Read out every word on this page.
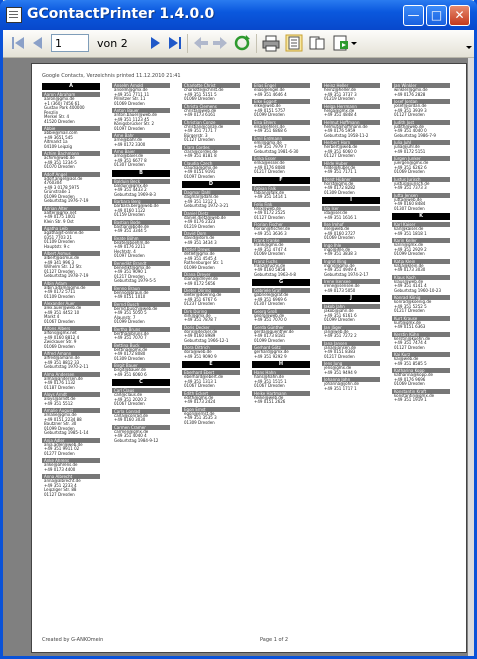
GContactPrinter 1.4.0.0	— □	✕
1	von 2
Google Contacts, Verzeichnis printed 11.12.2010 21:41
A
Aaron Abraham
aaron@gmx.de
+1 (360) 7456 61
Gustav Park 400000
Penzlin
Merkel Str. 4
41520 Dresden
Abbie
abbie@mail.com
+49 3651 545
Altmarkt 1a
04109 Leipzig
Achim Bachmann
achim@web.de
+49 351 1234-5
01070 Dresden
Adolf Angel
adolf.angel@aol.de
4760304
+49 3 0178 5975
Grünstraße 1
01099 Dresden
Geburtstag 1976-7-19
Adrian Alter
aalter@gmx.net
+49 0175 1001
Klein Str. 9 Ost
Agatha Leib
agatha@t-online.de
0351 7703 21
01109 Dresden
Hauptstr. 9 c
Albert Asmus
albert@asmus.de
+49 341 996 3
Wilhelm Str. 12 Str.
01127 Dresden
Geburtstag 1978-7-19
Albin Adam
albin.adam@gmx.de
+49 0172 5711
01109 Dresden
Alexander Auer
alex.auer@web.de
+49 351 4452 10
Markt 4
01067 Dresden
Alfons Albers
alfons@gmx.net
+49 0160 8812 4
Zwickauer Str. 9
01069 Dresden
Alfred Amann
alfred@amann.de
+49 351 8812 33
Geburtstag 1970-2-11
Alma Andersen
alma@andersen.de
+49 0176 1132
01187 Dresden
Aloys Arndt
aloys@arndt.de
+49 351 5512
Amalie August
amalie@gmx.de
+49 0151 2234 88
Bautzner Str. 30
01099 Dresden
Geburtstag 1985-1-14
Anja Adler
anja.adler@web.de
+49 351 9911 02
01277 Dresden
Anke Ahrens
anke@ahrens.de
+49 0173 4400
Anna Albrecht
anna@albrecht.de
+49 351 2233 4
Leipziger Str. 88
01127 Dresden
Anselm Arnold
anselm@gmx.de
+49 351 7711 11
Pillnitzer Str. 11
01069 Dresden
Anton Bauer
anton.bauer@web.de
+49 351 1123 45
Königsbrücker Str. 2
01097 Dresden
Arne Bahr
arne@bahr.de
+49 0172 3300
Arno Baier
arno@baier.de
+49 351 6677 8
01307 Dresden
B
Balduin Beck
balduin@gmx.de
+49 351 4433 2
Geburtstag 1969-8-3
Barbara Berg
barbara.berg@web.de
+49 0160 1122
01159 Dresden
Bastian Bode
bastian@bode.de
+49 351 3344 5
Beate Böhm
beate@boehm.de
+49 0176 2211
Hechtstr. 4
01097 Dresden
Benedikt Brandt
benedikt@gmx.de
+49 351 9090 1
01217 Dresden
Geburtstag 1979-5-5
Benno Braun
benno@braun.de
+49 0151 1010
Bernd Busch
bernd.busch@web.de
+49 351 5050 5
Alaunstr. 7
01099 Dresden
Bertha Bruns
bertha@bruns.de
+49 351 7070 7
Bettina Buck
bettina@gmx.de
+49 0172 8080
01309 Dresden
Birgit Bauer
birgit@bauer.de
+49 351 6060 6
C
Carl Claus
carl@claus.de
+49 351 2020 2
01067 Dresden
Carla Conrad
carla@conrad.de
+49 0160 3030
Carmen Cramer
carmen@gmx.de
+49 351 4040 4
Geburtstag 1984-9-12
Charlotte Christ
charlotte@christ.de
+49 351 5151 5
01069 Dresden
Christa Clemens
christa@web.de
+49 0173 6161
Christian Conze
christian@conze.de
+49 351 7171 7
Bürgerstr. 3
01127 Dresden
Clara Cordes
clara@cordes.de
+49 351 8181 8
Claudia Czech
claudia@gmx.de
+49 0151 9191
01097 Dresden
D
Dagmar Dahl
dagmar@dahl.de
+49 351 1212 1
Geburtstag 1972-3-21
Daniel Dietz
daniel.dietz@web.de
+49 0176 2323
01219 Dresden
David Dorn
david@dorn.de
+49 351 3434 3
Detlef Drews
detlef@gmx.de
+49 351 4545 4
Rothenburger Str. 1
01099 Dresden
Diana Dreyer
diana@dreyer.de
+49 0172 5656
Dieter Döring
dieter@doering.de
+49 351 6767 6
01237 Dresden
Dirk Düring
dirk@gmx.de
+49 351 7878 7
Doris Decker
doris@decker.de
+49 0160 8989
Geburtstag 1966-12-1
Dora Dittrich
dora@web.de
+49 351 9090 9
E
Eberhard Ebert
eberhard@ebert.de
+49 351 1313 1
01067 Dresden
Edith Eckert
edith@gmx.de
+49 0173 2424
Egon Ernst
egon@ernst.de
+49 351 3535 3
01309 Dresden
Elias Engel
elias@engel.de
+49 351 4646 4
Elke Eggert
elke@web.de
+49 0151 5757
01099 Dresden
Elsa Ehlers
elsa@ehlers.de
+49 351 6868 6
Emil Erdmann
emil@gmx.de
+49 351 7979 7
Geburtstag 1981-6-30
Erika Esser
erika@esser.de
+49 0176 8080
01217 Dresden
F
Fabian Falk
fabian@falk.de
+49 351 1414 1
Felix Fink
felix@web.de
+49 0172 2525
01127 Dresden
Florian Fischer
florian@fischer.de
+49 351 3636 3
Frank Franke
frank@gmx.de
+49 351 4747 4
01069 Dresden
Franz Fuchs
franz@fuchs.de
+49 0160 5858
Geburtstag 1963-4-8
G
Gabriele Graf
gabriele@graf.de
+49 351 6969 6
01307 Dresden
Georg Groß
georg@web.de
+49 351 7070 0
Gerda Günther
gerda@guenther.de
+49 0173 8181
01099 Dresden
Gerhard Götz
gerhard@gmx.de
+49 351 9292 9
H
Hans Hahn
hans@hahn.de
+49 351 1515 1
01067 Dresden
Heike Hartmann
heike@web.de
+49 0151 2626
Heinz Heller
heinz@heller.de
+49 351 3737 3
01219 Dresden
Helga Herrmann
helga@gmx.de
+49 351 4848 4
Helmut Hoffmann
helmut@hoffmann.de
+49 0176 5959
Geburtstag 1958-11-2
Herbert Horn
herbert@web.de
+49 351 6060 0
01127 Dresden
Hilde Huber
hilde@huber.de
+49 351 7171 1
Horst Hübner
horst@gmx.de
+49 0172 8282
01309 Dresden
I
Ida Iser
ida@iser.de
+49 351 1616 1
Ilse Imhof
ilse@web.de
+49 0160 2727
01069 Dresden
Ingo Ihle
ingo@ihle.de
+49 351 3838 3
Ingrid Illing
ingrid@gmx.de
+49 351 4949 4
Geburtstag 1974-2-17
Irene Isensee
irene@isensee.de
+49 0173 5050
J
Jakob Jahn
jakob@jahn.de
+49 351 6161 6
01099 Dresden
Jan Jäger
jan@web.de
+49 351 7272 2
Jana Jansen
jana@jansen.de
+49 0151 8383
01217 Dresden
Jens Jung
jens@gmx.de
+49 351 9494 9
Johanna John
johanna@john.de
+49 351 1717 1
Jan Winkler
winkler@gmx.de
+49 0176 2828
Josef Jordan
josef@jordan.de
+49 351 3939 3
01127 Dresden
Judith Jost
judith@web.de
+49 351 4040 0
Geburtstag 1986-7-9
Julia Juhl
julia@juhl.de
+49 0172 5151
Jürgen Junker
juergen@gmx.de
+49 351 6262 6
01069 Dresden
Justus Jurisch
justus@jurisch.de
+49 351 7373 3
Jutta Jensen
jutta@web.de
+49 0160 8484
01307 Dresden
K
Karl Kaiser
karl@kaiser.de
+49 351 1818 1
Karin Keller
karin@gmx.de
+49 351 2929 2
01099 Dresden
Katja Klein
katja@klein.de
+49 0173 3030
Klaus Koch
klaus@web.de
+49 351 4141 4
Geburtstag 1960-10-23
Konrad König
konrad@koenig.de
+49 351 5252 5
01217 Dresden
Kurt Krause
kurt@gmx.de
+49 0151 6363
Kerstin Kühn
kerstin@kuehn.de
+49 351 7474 4
01127 Dresden
Kai Kurz
kai@web.de
+49 351 8585 5
Katharina Kopp
katharina@kopp.de
+49 0176 9696
01069 Dresden
Konstantin Kraft
konstantin@gmx.de
+49 351 1919 1
Created by G-ANKOmein	Page 1 of 2
